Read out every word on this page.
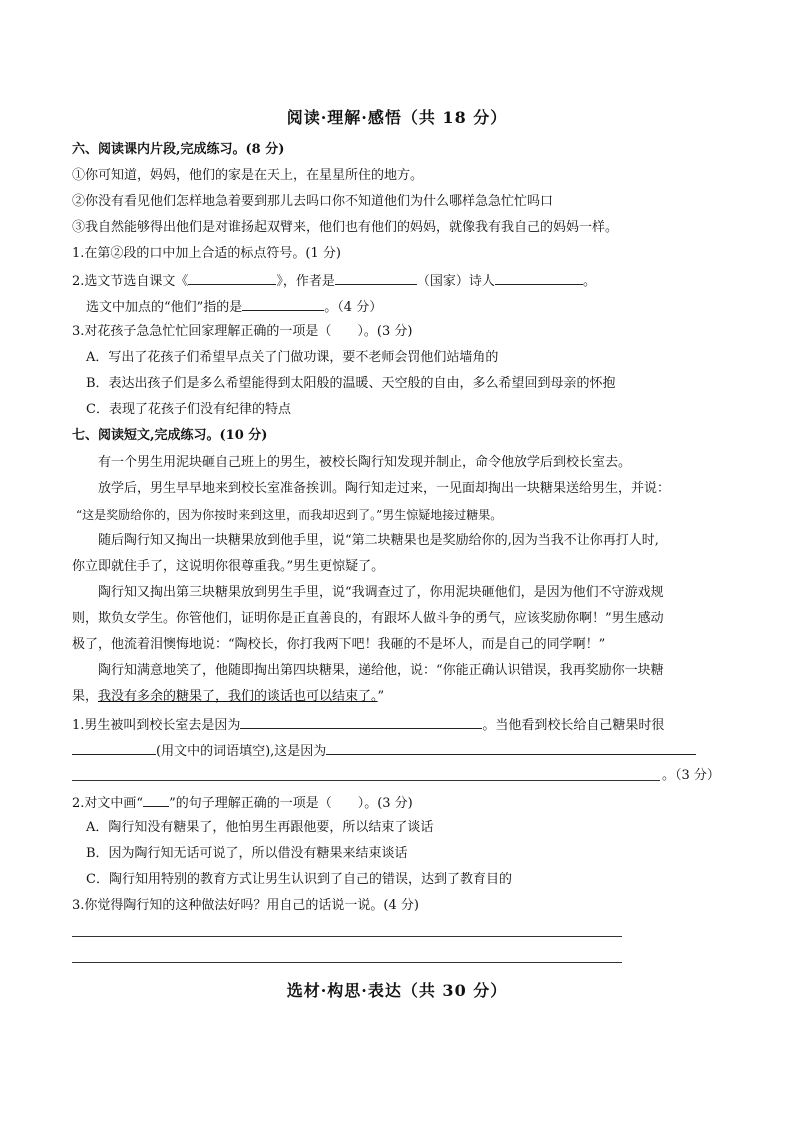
阅读·理解·感悟（共 18 分）
六、阅读课内片段,完成练习。(8 分)
①你可知道，妈妈，他们的家是在天上，在星星所住的地方。
②你没有看见他们怎样地急着要到那儿去吗口你不知道他们为什么哪样急急忙忙吗口
③我自然能够得出他们是对谁扬起双臂来，他们也有他们的妈妈，就像我有我自己的妈妈一样。
1.在第②段的口中加上合适的标点符号。(1 分)
2.选文节选自课文《	》，作者是	（国家）诗人	。
选文中加点的“他们”指的是	。（4 分）
3.对花孩子急急忙忙回家理解正确的一项是（　　）。(3 分)
A．写出了花孩子们希望早点关了门做功课，要不老师会罚他们站墙角的
B．表达出孩子们是多么希望能得到太阳般的温暖、天空般的自由，多么希望回到母亲的怀抱
C．表现了花孩子们没有纪律的特点
七、阅读短文,完成练习。(10 分)
有一个男生用泥块砸自己班上的男生，被校长陶行知发现并制止，命令他放学后到校长室去。
放学后，男生早早地来到校长室准备挨训。陶行知走过来，一见面却掏出一块糖果送给男生，并说：
“这是奖励给你的，因为你按时来到这里，而我却迟到了。”男生惊疑地接过糖果。
随后陶行知又掏出一块糖果放到他手里，说“第二块糖果也是奖励给你的,因为当我不让你再打人时,
你立即就住手了，这说明你很尊重我。”男生更惊疑了。
陶行知又掏出第三块糖果放到男生手里，说“我调查过了，你用泥块砸他们，是因为他们不守游戏规
则，欺负女学生。你管他们，证明你是正直善良的，有跟坏人做斗争的勇气，应该奖励你啊！”男生感动
极了，他流着泪懊悔地说：“陶校长，你打我两下吧！我砸的不是坏人，而是自己的同学啊！”
陶行知满意地笑了，他随即掏出第四块糖果，递给他，说：“你能正确认识错误，我再奖励你一块糖
果，我没有多余的糖果了，我们的谈话也可以结束了。”
1.男生被叫到校长室去是因为	。当他看到校长给自己糖果时很
(用文中的词语填空),这是因为
。（3 分）
2.对文中画“ ”的句子理解正确的一项是（　　）。(3 分)
A．陶行知没有糖果了，他怕男生再跟他要，所以结束了谈话
B．因为陶行知无话可说了，所以借没有糖果来结束谈话
C．陶行知用特别的教育方式让男生认识到了自己的错误，达到了教育目的
3.你觉得陶行知的这种做法好吗？用自己的话说一说。(4 分)
选材·构思·表达（共 30 分）
